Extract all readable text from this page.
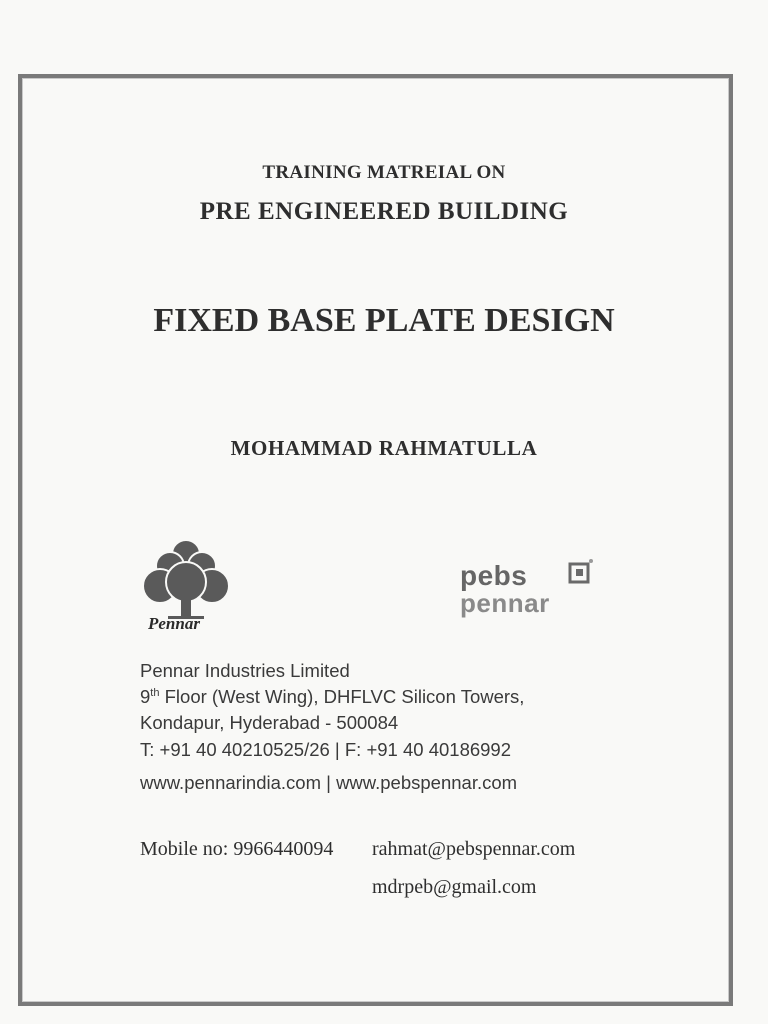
TRAINING MATREIAL ON
PRE ENGINEERED BUILDING
FIXED BASE PLATE DESIGN
MOHAMMAD RAHMATULLA
Pennar
pebs
pennar
Pennar Industries Limited
9th Floor (West Wing), DHFLVC Silicon Towers,
Kondapur, Hyderabad - 500084
T: +91 40 40210525/26 | F: +91 40 40186992
www.pennarindia.com | www.pebspennar.com
Mobile no: 9966440094 rahmat@pebspennar.com
mdrpeb@gmail.com
